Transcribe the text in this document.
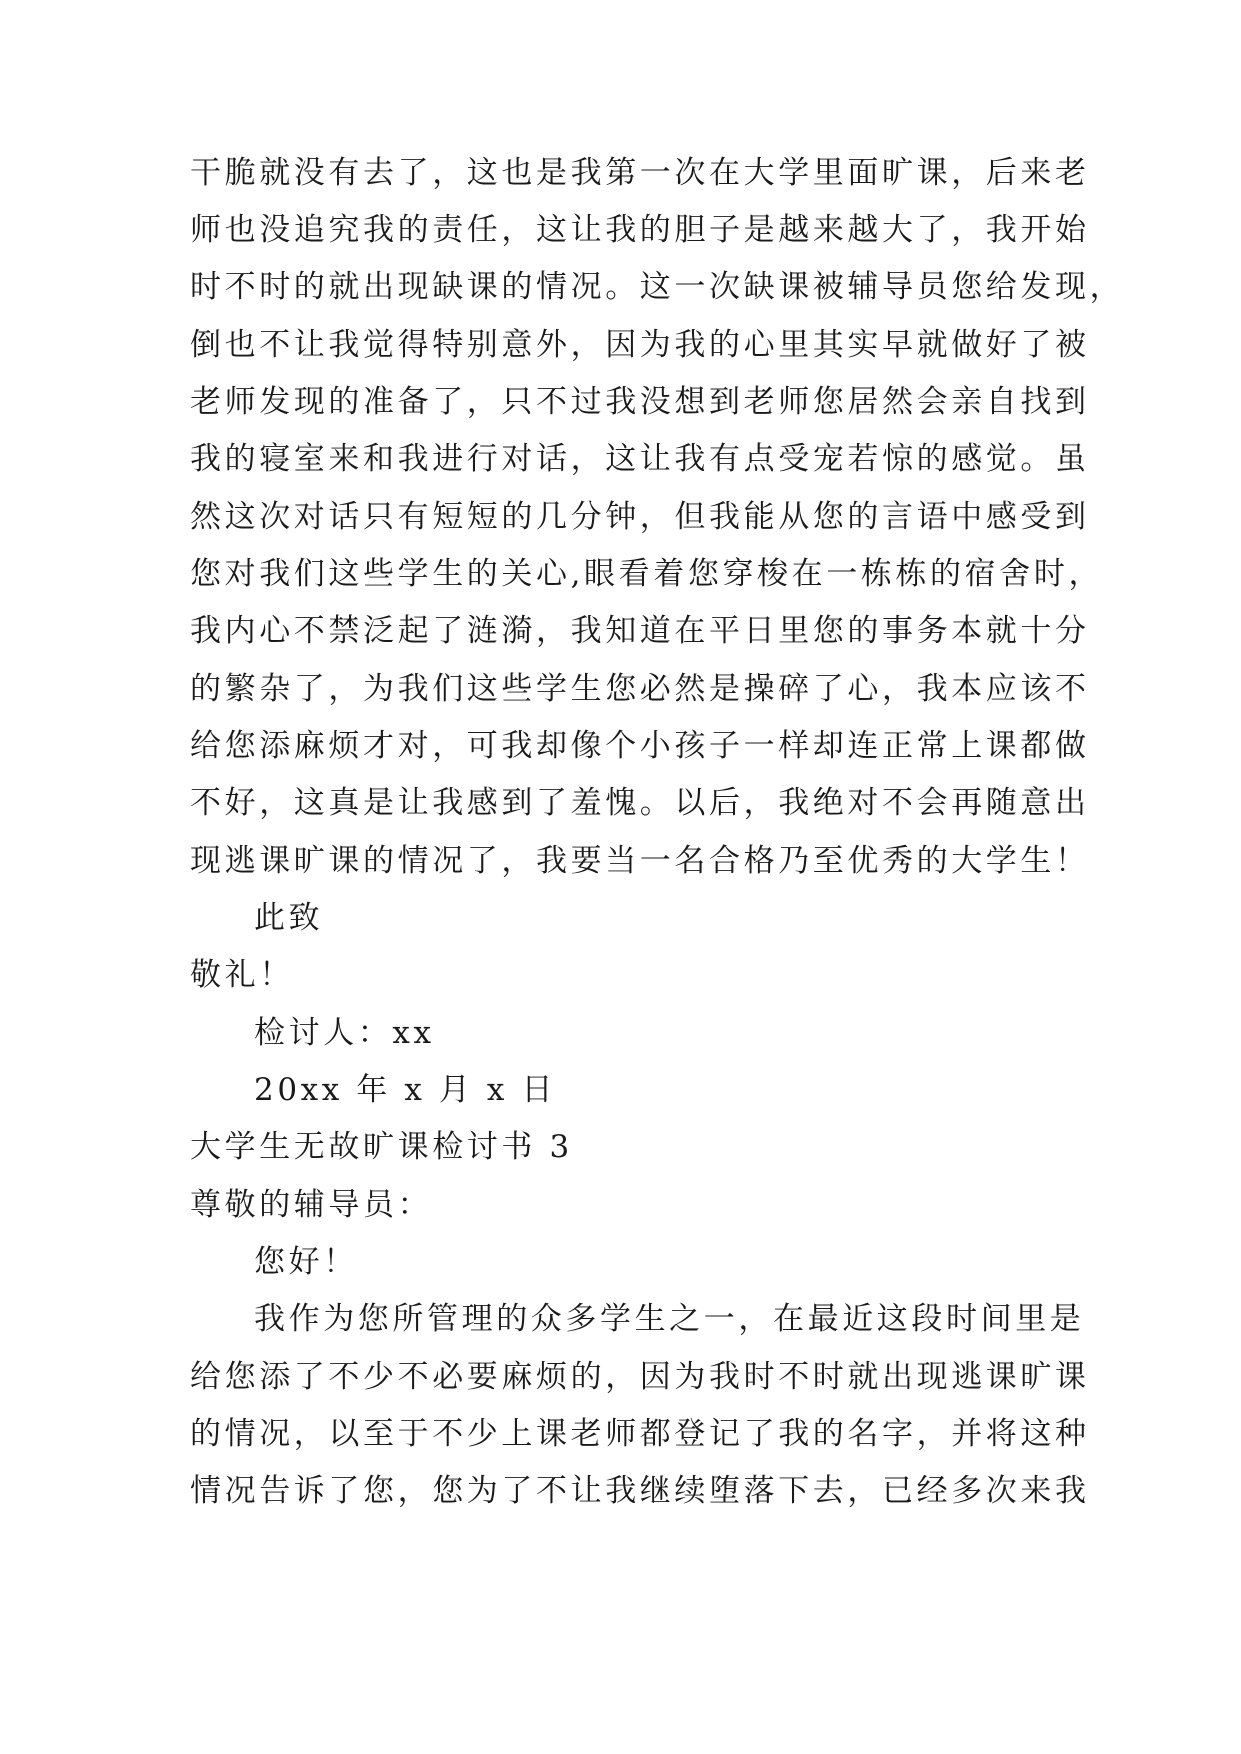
干脆就没有去了，这也是我第一次在大学里面旷课，后来老
师也没追究我的责任，这让我的胆子是越来越大了，我开始
时不时的就出现缺课的情况。这一次缺课被辅导员您给发现，
倒也不让我觉得特别意外，因为我的心里其实早就做好了被
老师发现的准备了，只不过我没想到老师您居然会亲自找到
我的寝室来和我进行对话，这让我有点受宠若惊的感觉。虽
然这次对话只有短短的几分钟，但我能从您的言语中感受到
您对我们这些学生的关心,眼看着您穿梭在一栋栋的宿舍时，
我内心不禁泛起了涟漪，我知道在平日里您的事务本就十分
的繁杂了，为我们这些学生您必然是操碎了心，我本应该不
给您添麻烦才对，可我却像个小孩子一样却连正常上课都做
不好，这真是让我感到了羞愧。以后，我绝对不会再随意出
现逃课旷课的情况了，我要当一名合格乃至优秀的大学生！
此致
敬礼！
检讨人：xx
20xx 年 x 月 x 日
大学生无故旷课检讨书 3
尊敬的辅导员：
您好！
我作为您所管理的众多学生之一，在最近这段时间里是
给您添了不少不必要麻烦的，因为我时不时就出现逃课旷课
的情况，以至于不少上课老师都登记了我的名字，并将这种
情况告诉了您，您为了不让我继续堕落下去，已经多次来我
